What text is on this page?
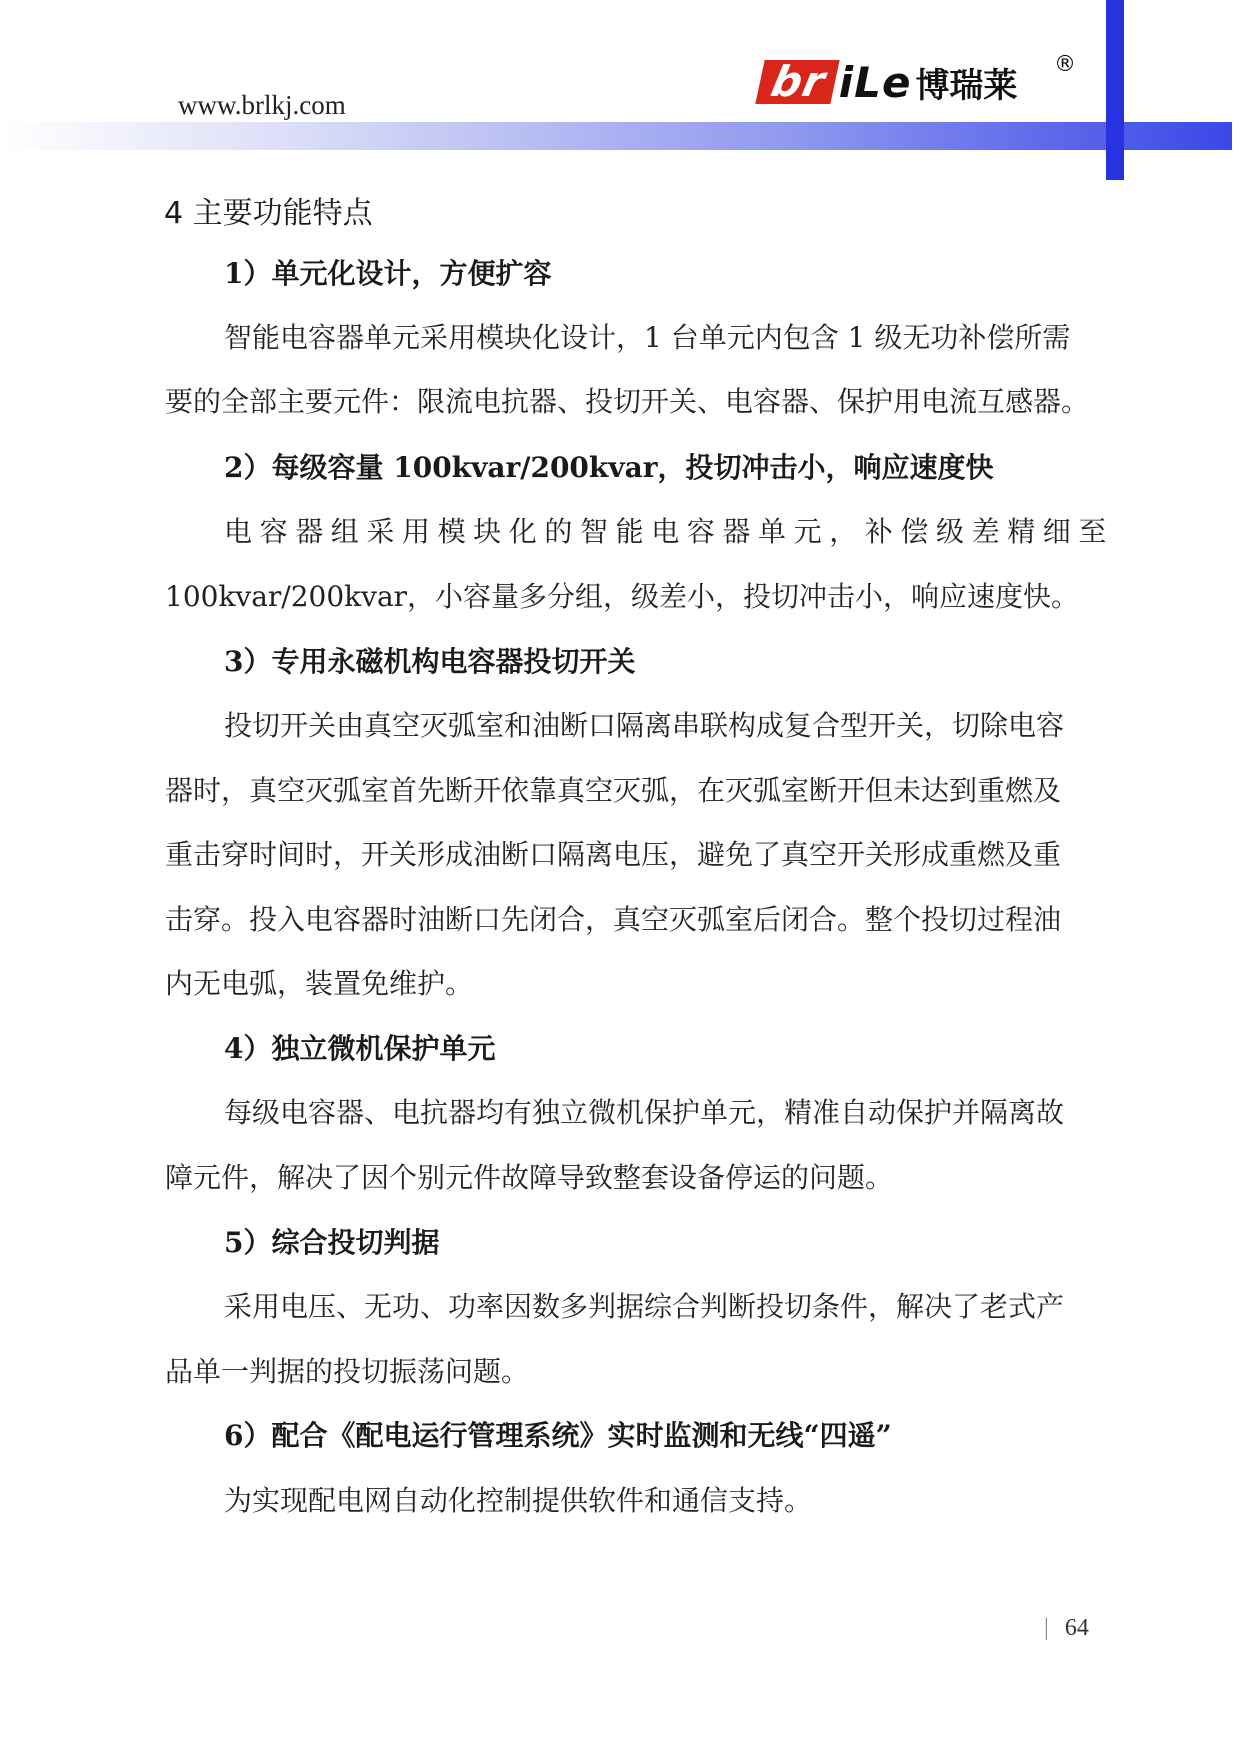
www.brlkj.com	br iLe 博瑞莱
®
4 主要功能特点
1）单元化设计，方便扩容
智能电容器单元采用模块化设计，1 台单元内包含 1 级无功补偿所需
要的全部主要元件：限流电抗器、投切开关、电容器、保护用电流互感器。
2）每级容量 100kvar/200kvar，投切冲击小，响应速度快
电容器组采用模块化的智能电容器单元，补偿级差精细至
100kvar/200kvar，小容量多分组，级差小，投切冲击小，响应速度快。
3）专用永磁机构电容器投切开关
投切开关由真空灭弧室和油断口隔离串联构成复合型开关，切除电容
器时，真空灭弧室首先断开依靠真空灭弧，在灭弧室断开但未达到重燃及
重击穿时间时，开关形成油断口隔离电压，避免了真空开关形成重燃及重
击穿。投入电容器时油断口先闭合，真空灭弧室后闭合。整个投切过程油
内无电弧，装置免维护。
4）独立微机保护单元
每级电容器、电抗器均有独立微机保护单元，精准自动保护并隔离故
障元件，解决了因个别元件故障导致整套设备停运的问题。
5）综合投切判据
采用电压、无功、功率因数多判据综合判断投切条件，解决了老式产
品单一判据的投切振荡问题。
6）配合《配电运行管理系统》实时监测和无线“四遥”
为实现配电网自动化控制提供软件和通信支持。
| 64
